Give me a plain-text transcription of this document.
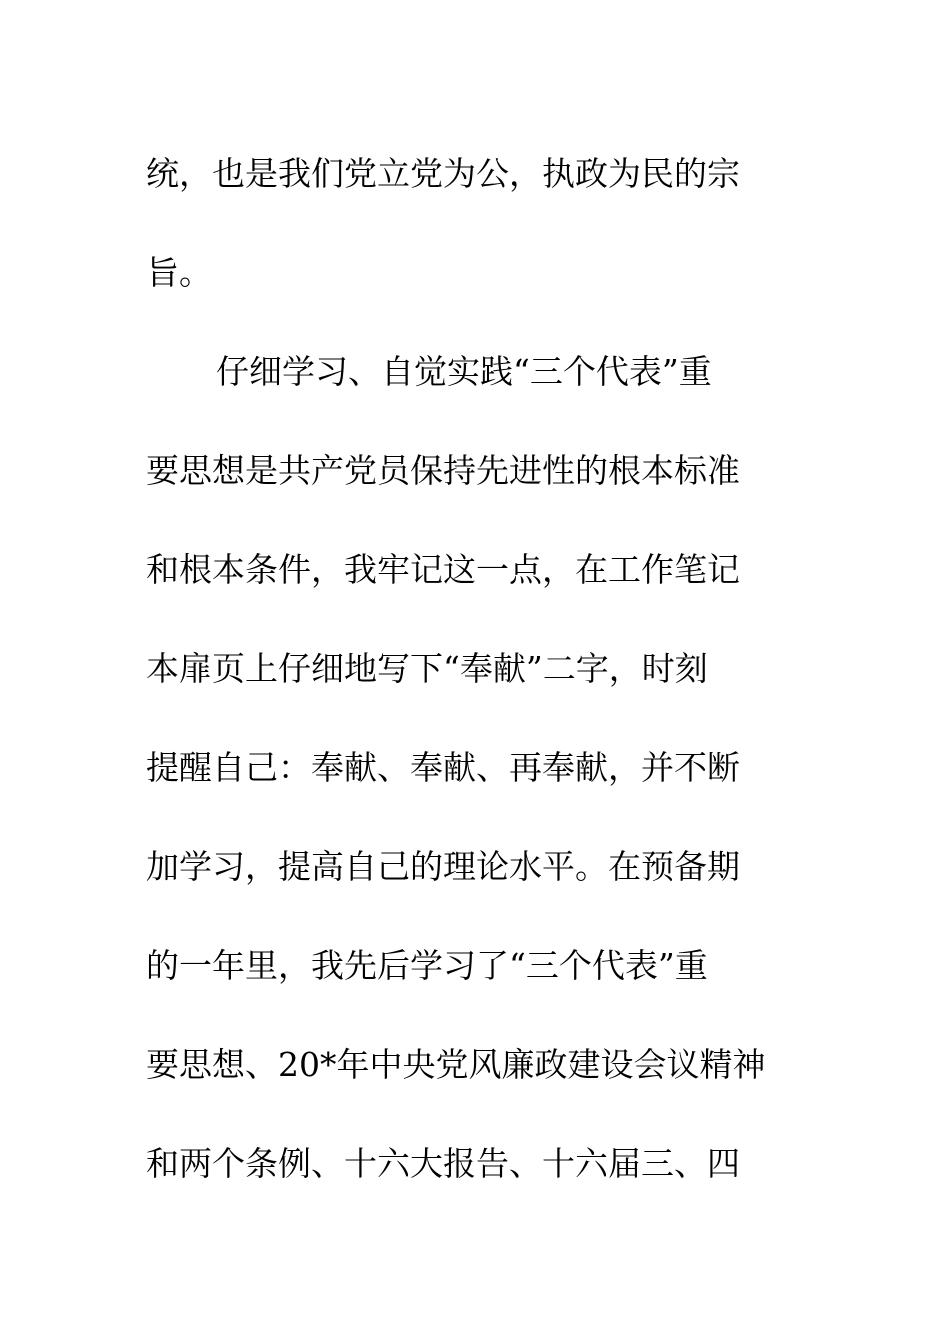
统，也是我们党立党为公，执政为民的宗
旨。
仔细学习、自觉实践“三个代表”重
要思想是共产党员保持先进性的根本标准
和根本条件，我牢记这一点，在工作笔记
本扉页上仔细地写下“奉献”二字，时刻
提醒自己：奉献、奉献、再奉献，并不断
加学习，提高自己的理论水平。在预备期
的一年里，我先后学习了“三个代表”重
要思想、20*年中央党风廉政建设会议精神
和两个条例、十六大报告、十六届三、四
